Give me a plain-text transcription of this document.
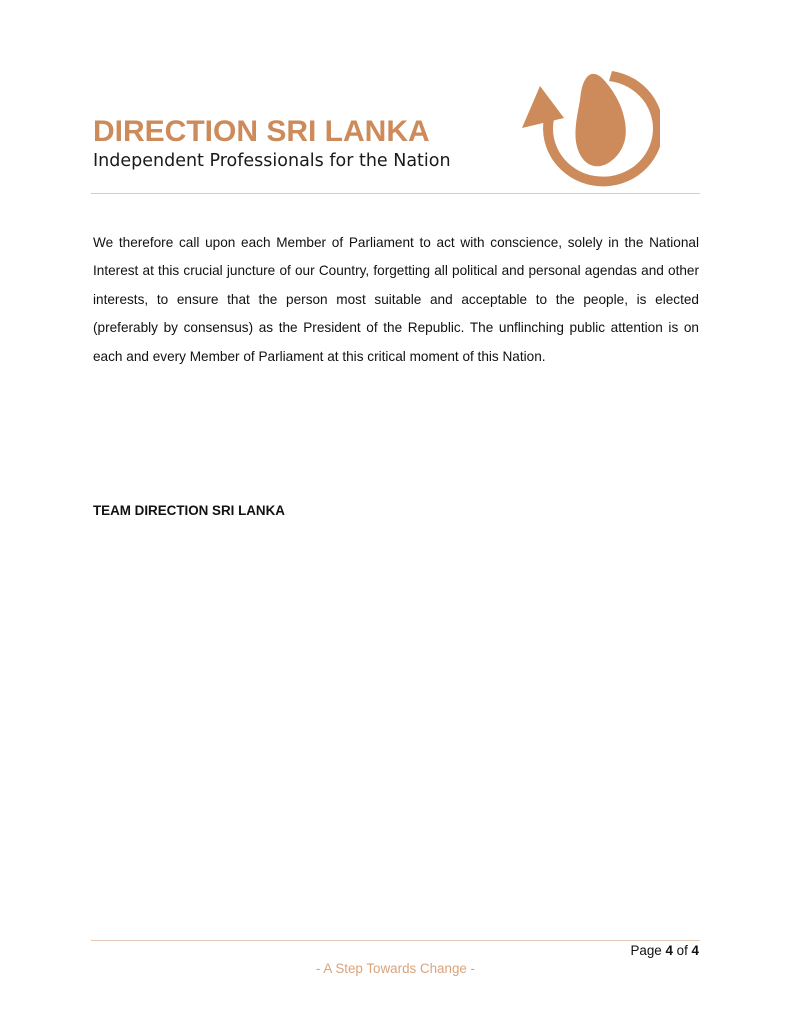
DIRECTION SRI LANKA
Independent Professionals for the Nation

We therefore call upon each Member of Parliament to act with conscience, solely in the National Interest at this crucial juncture of our Country, forgetting all political and personal agendas and other interests, to ensure that the person most suitable and acceptable to the people, is elected (preferably by consensus) as the President of the Republic. The unflinching public attention is on each and every Member of Parliament at this critical moment of this Nation.

TEAM DIRECTION SRI LANKA
Page 4 of 4
- A Step Towards Change -
